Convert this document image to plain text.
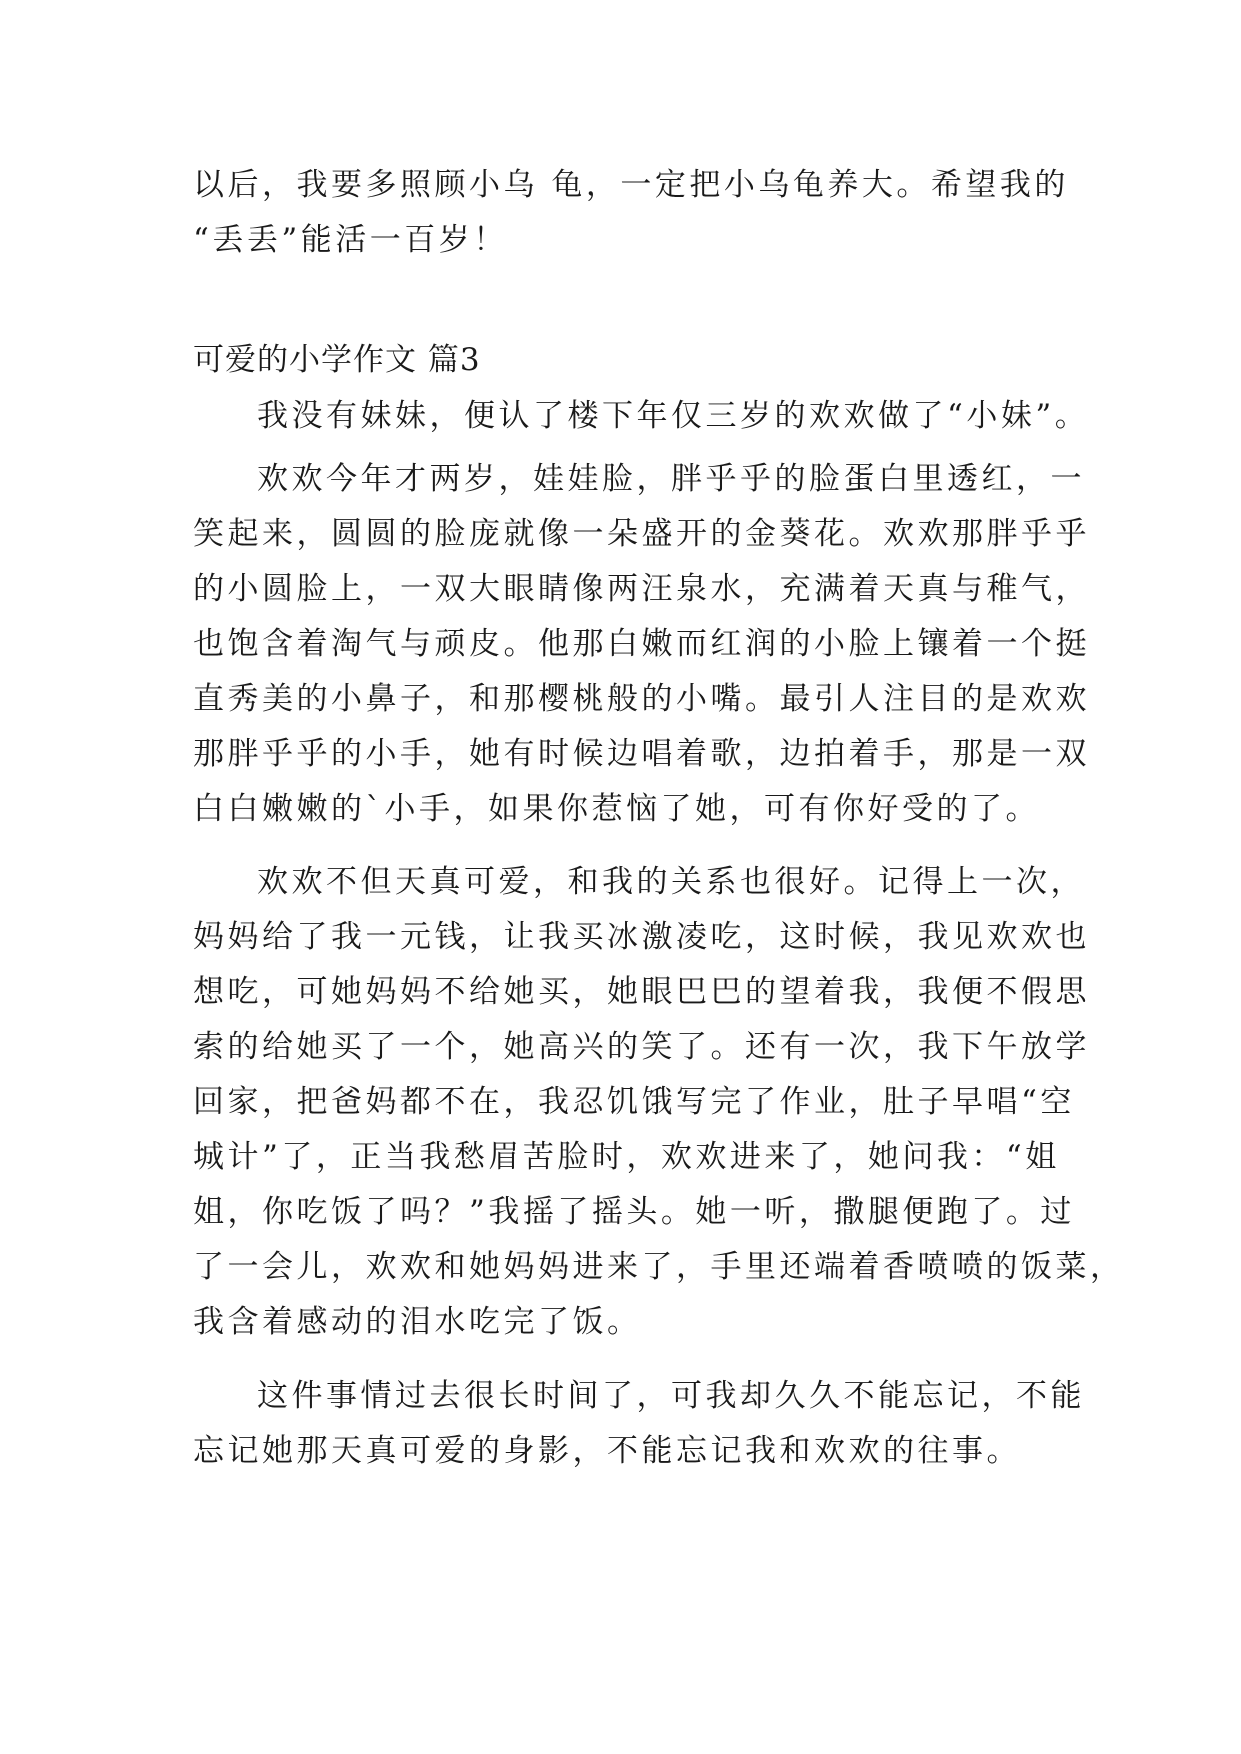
以后，我要多照顾小乌 龟，一定把小乌龟养大。希望我的
“丢丢”能活一百岁！
可爱的小学作文 篇3
我没有妹妹，便认了楼下年仅三岁的欢欢做了“小妹”。
欢欢今年才两岁，娃娃脸，胖乎乎的脸蛋白里透红，一
笑起来，圆圆的脸庞就像一朵盛开的金葵花。欢欢那胖乎乎
的小圆脸上，一双大眼睛像两汪泉水，充满着天真与稚气，
也饱含着淘气与顽皮。他那白嫩而红润的小脸上镶着一个挺
直秀美的小鼻子，和那樱桃般的小嘴。最引人注目的是欢欢
那胖乎乎的小手，她有时候边唱着歌，边拍着手，那是一双
白白嫩嫩的`小手，如果你惹恼了她，可有你好受的了。
欢欢不但天真可爱，和我的关系也很好。记得上一次，
妈妈给了我一元钱，让我买冰激凌吃，这时候，我见欢欢也
想吃，可她妈妈不给她买，她眼巴巴的望着我，我便不假思
索的给她买了一个，她高兴的笑了。还有一次，我下午放学
回家，把爸妈都不在，我忍饥饿写完了作业，肚子早唱“空
城计”了，正当我愁眉苦脸时，欢欢进来了，她问我：“姐
姐，你吃饭了吗？”我摇了摇头。她一听，撒腿便跑了。过
了一会儿，欢欢和她妈妈进来了，手里还端着香喷喷的饭菜，
我含着感动的泪水吃完了饭。
这件事情过去很长时间了，可我却久久不能忘记，不能
忘记她那天真可爱的身影，不能忘记我和欢欢的往事。
